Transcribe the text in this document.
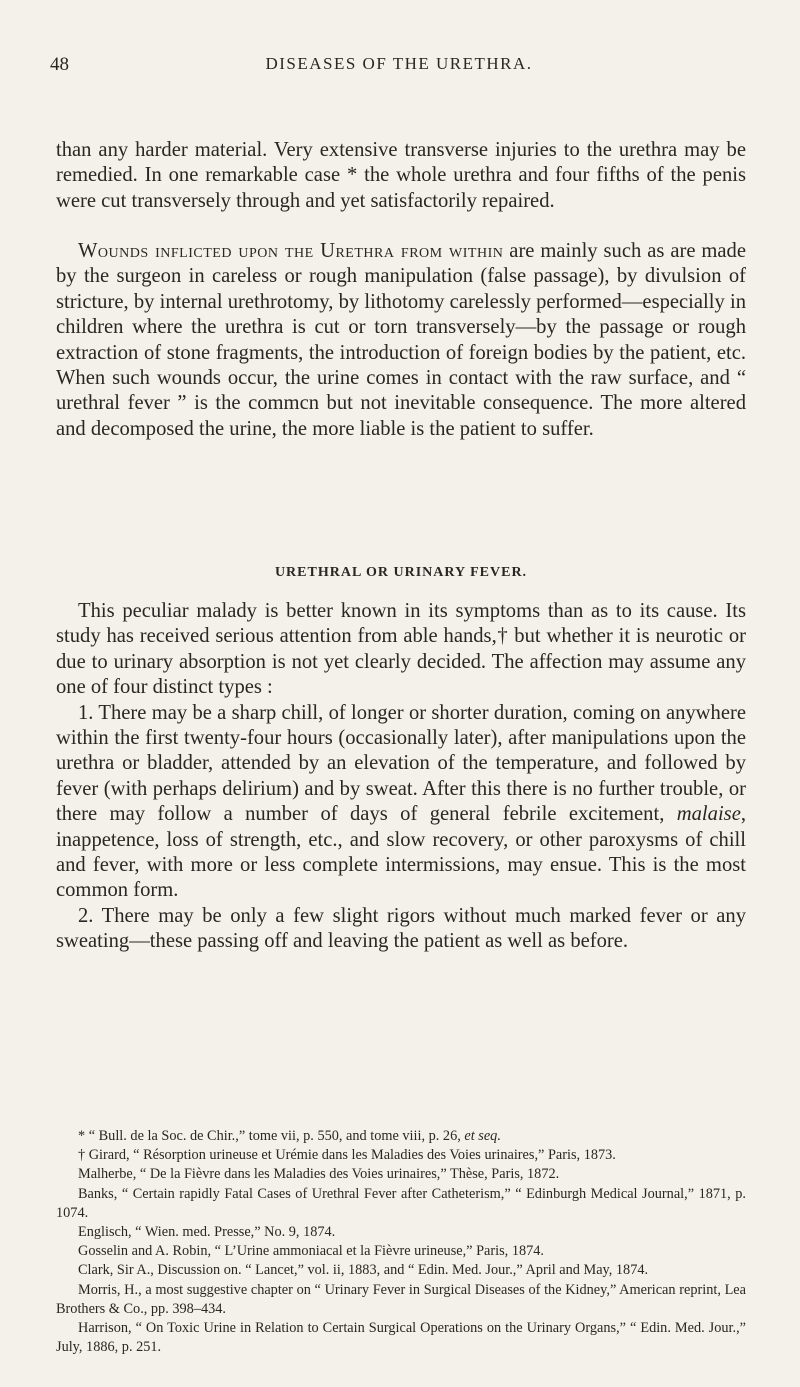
48	DISEASES OF THE URETHRA.

than any harder material. Very extensive transverse injuries to the urethra may be remedied. In one remarkable case * the whole urethra and four fifths of the penis were cut transversely through and yet satisfactorily repaired.

Wounds inflicted upon the Urethra from within are mainly such as are made by the surgeon in careless or rough manipulation (false passage), by divulsion of stricture, by internal urethrotomy, by lithotomy carelessly performed—especially in children where the urethra is cut or torn transversely—by the passage or rough extraction of stone fragments, the introduction of foreign bodies by the patient, etc. When such wounds occur, the urine comes in contact with the raw surface, and “ urethral fever ” is the commcn but not inevitable consequence. The more altered and decomposed the urine, the more liable is the patient to suffer.

URETHRAL OR URINARY FEVER.

This peculiar malady is better known in its symptoms than as to its cause. Its study has received serious attention from able hands,† but whether it is neurotic or due to urinary absorption is not yet clearly decided. The affection may assume any one of four distinct types :

1. There may be a sharp chill, of longer or shorter duration, coming on anywhere within the first twenty-four hours (occasionally later), after manipulations upon the urethra or bladder, attended by an elevation of the temperature, and followed by fever (with perhaps delirium) and by sweat. After this there is no further trouble, or there may follow a number of days of general febrile excitement, malaise, inappetence, loss of strength, etc., and slow recovery, or other paroxysms of chill and fever, with more or less complete intermissions, may ensue. This is the most common form.

2. There may be only a few slight rigors without much marked fever or any sweating—these passing off and leaving the patient as well as before.

* “ Bull. de la Soc. de Chir.,” tome vii, p. 550, and tome viii, p. 26, et seq.

† Girard, “ Résorption urineuse et Urémie dans les Maladies des Voies urinaires,” Paris, 1873.

Malherbe, “ De la Fièvre dans les Maladies des Voies urinaires,” Thèse, Paris, 1872.

Banks, “ Certain rapidly Fatal Cases of Urethral Fever after Catheterism,” “ Edinburgh Medical Journal,” 1871, p. 1074.

Englisch, “ Wien. med. Presse,” No. 9, 1874.

Gosselin and A. Robin, “ L’Urine ammoniacal et la Fièvre urineuse,” Paris, 1874.

Clark, Sir A., Discussion on. “ Lancet,” vol. ii, 1883, and “ Edin. Med. Jour.,” April and May, 1874.

Morris, H., a most suggestive chapter on “ Urinary Fever in Surgical Diseases of the Kidney,” American reprint, Lea Brothers & Co., pp. 398–434.

Harrison, “ On Toxic Urine in Relation to Certain Surgical Operations on the Urinary Organs,” “ Edin. Med. Jour.,” July, 1886, p. 251.
